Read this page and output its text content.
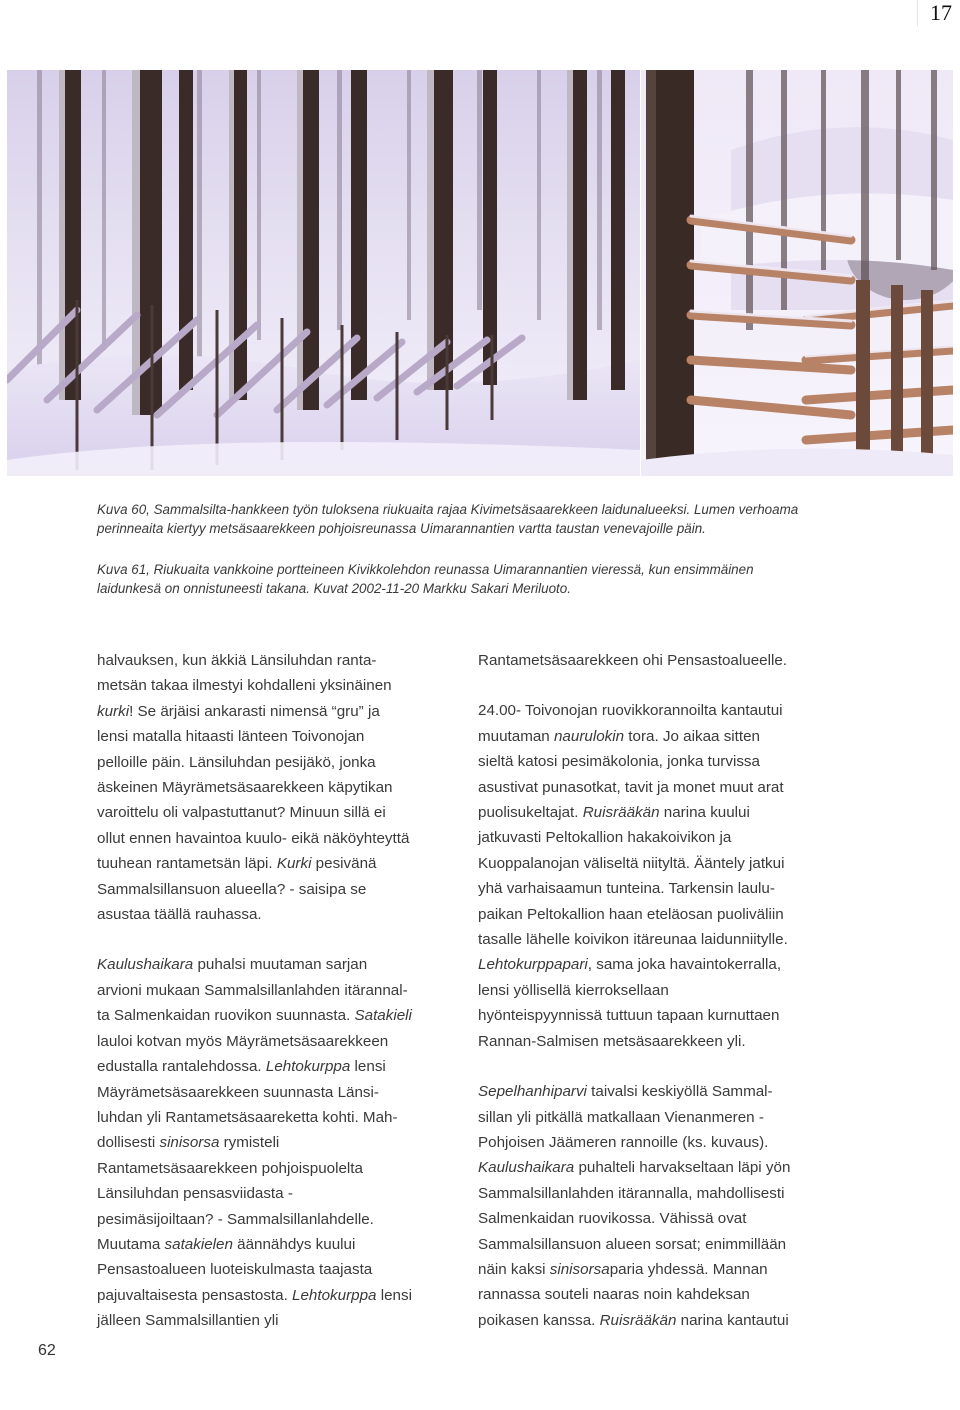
17

Kuva 60, Sammalsilta-hankkeen työn tuloksena riukuaita rajaa Kivimetsäsaarekkeen laidunalueeksi. Lumen verhoama perinneaita kiertyy metsäsaarekkeen pohjoisreunassa Uimarannantien vartta taustan venevajoille päin.

Kuva 61, Riukuaita vankkoine portteineen Kivikkolehdon reunassa Uimarannantien vieressä, kun ensimmäinen laidunkesä on onnistuneesti takana. Kuvat 2002-11-20 Markku Sakari Meriluoto.

halvauksen, kun äkkiä Länsiluhdan ranta-
metsän takaa ilmestyi kohdalleni yksinäinen
kurki! Se ärjäisi ankarasti nimensä “gru” ja
lensi matalla hitaasti länteen Toivonojan
pelloille päin. Länsiluhdan pesijäkö, jonka
äskeinen Mäyrämetsäsaarekkeen käpytikan
varoittelu oli valpastuttanut? Minuun sillä ei
ollut ennen havaintoa kuulo- eikä näköyhteyttä
tuuhean rantametsän läpi. Kurki pesivänä
Sammalsillansuon alueella? - saisipa se
asustaa täällä rauhassa.

Kaulushaikara puhalsi muutaman sarjan
arvioni mukaan Sammalsillanlahden itärannal-
ta Salmenkaidan ruovikon suunnasta. Satakieli
lauloi kotvan myös Mäyrämetsäsaarekkeen
edustalla rantalehdossa. Lehtokurppa lensi
Mäyrämetsäsaarekkeen suunnasta Länsi-
luhdan yli Rantametsäsaareketta kohti. Mah-
dollisesti sinisorsa rymisteli
Rantametsäsaarekkeen pohjoispuolelta
Länsiluhdan pensasviidasta -
pesimäsijoiltaan? - Sammalsillanlahdelle.
Muutama satakielen äännähdys kuului
Pensastoalueen luoteiskulmasta taajasta
pajuvaltaisesta pensastosta. Lehtokurppa lensi
jälleen Sammalsillantien yli

Rantametsäsaarekkeen ohi Pensastoalueelle.

24.00- Toivonojan ruovikkorannoilta kantautui
muutaman naurulokin tora. Jo aikaa sitten
sieltä katosi pesimäkolonia, jonka turvissa
asustivat punasotkat, tavit ja monet muut arat
puolisukeltajat. Ruisrääkän narina kuului
jatkuvasti Peltokallion hakakoivikon ja
Kuoppalanojan väliseltä niityltä. Ääntely jatkui
yhä varhaisaamun tunteina. Tarkensin laulu-
paikan Peltokallion haan eteläosan puoliväliin
tasalle lähelle koivikon itäreunaa laidunniitylle.
Lehtokurppapari, sama joka havaintokerralla,
lensi yöllisellä kierroksellaan
hyönteispyynnissä tuttuun tapaan kurnuttaen
Rannan-Salmisen metsäsaarekkeen yli.

Sepelhanhiparvi taivalsi keskiyöllä Sammal-
sillan yli pitkällä matkallaan Vienanmeren -
Pohjoisen Jäämeren rannoille (ks. kuvaus).
Kaulushaikara puhalteli harvakseltaan läpi yön
Sammalsillanlahden itärannalla, mahdollisesti
Salmenkaidan ruovikossa. Vähissä ovat
Sammalsillansuon alueen sorsat; enimmillään
näin kaksi sinisorsaparia yhdessä. Mannan
rannassa souteli naaras noin kahdeksan
poikasen kanssa. Ruisrääkän narina kantautui

62
